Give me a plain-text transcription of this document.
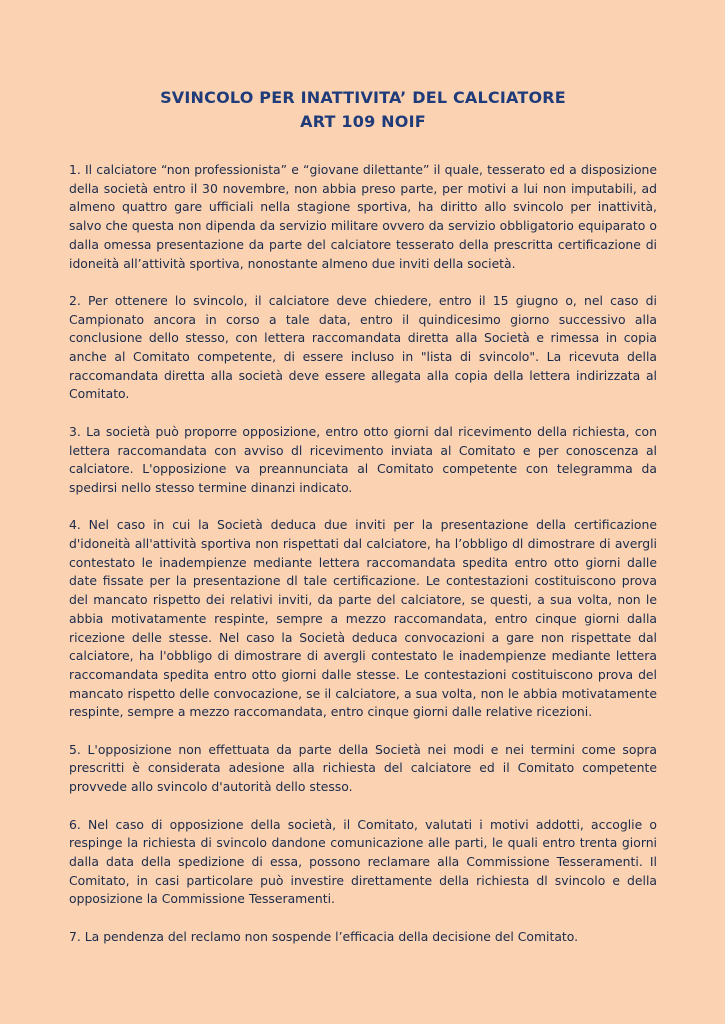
SVINCOLO PER INATTIVITA’ DEL CALCIATORE
ART 109 NOIF

1. Il calciatore “non professionista” e “giovane dilettante” il quale, tesserato ed a disposizione della società entro il 30 novembre, non abbia preso parte, per motivi a lui non imputabili, ad almeno quattro gare ufficiali nella stagione sportiva, ha diritto allo svincolo per inattività, salvo che questa non dipenda da servizio militare ovvero da servizio obbligatorio equiparato o dalla omessa presentazione da parte del calciatore tesserato della prescritta certificazione di idoneità all’attività sportiva, nonostante almeno due inviti della società.

2. Per ottenere lo svincolo, il calciatore deve chiedere, entro il 15 giugno o, nel caso di Campionato ancora in corso a tale data, entro il quindicesimo giorno successivo alla conclusione dello stesso, con lettera raccomandata diretta alla Società e rimessa in copia anche al Comitato competente, di essere incluso in "lista di svincolo". La ricevuta della raccomandata diretta alla società deve essere allegata alla copia della lettera indirizzata al Comitato.

3. La società può proporre opposizione, entro otto giorni dal ricevimento della richiesta, con lettera raccomandata con avviso dl ricevimento inviata al Comitato e per conoscenza al calciatore. L'opposizione va preannunciata al Comitato competente con telegramma da spedirsi nello stesso termine dinanzi indicato.

4. Nel caso in cui la Società deduca due inviti per la presentazione della certificazione d'idoneità all'attività sportiva non rispettati dal calciatore, ha l’obbligo dl dimostrare di avergli contestato le inadempienze mediante lettera raccomandata spedita entro otto giorni dalle date fissate per la presentazione dl tale certificazione. Le contestazioni costituiscono prova del mancato rispetto dei relativi inviti, da parte del calciatore, se questi, a sua volta, non le abbia motivatamente respinte, sempre a mezzo raccomandata, entro cinque giorni dalla ricezione delle stesse. Nel caso la Società deduca convocazioni a gare non rispettate dal calciatore, ha l'obbligo di dimostrare di avergli contestato le inadempienze mediante lettera raccomandata spedita entro otto giorni dalle stesse. Le contestazioni costituiscono prova del mancato rispetto delle convocazione, se il calciatore, a sua volta, non le abbia motivatamente respinte, sempre a mezzo raccomandata, entro cinque giorni dalle relative ricezioni.

5. L'opposizione non effettuata da parte della Società nei modi e nei termini come sopra prescritti è considerata adesione alla richiesta del calciatore ed il Comitato competente provvede allo svincolo d'autorità dello stesso.

6. Nel caso di opposizione della società, il Comitato, valutati i motivi addotti, accoglie o respinge la richiesta di svincolo dandone comunicazione alle parti, le quali entro trenta giorni dalla data della spedizione di essa, possono reclamare alla Commissione Tesseramenti. Il Comitato, in casi particolare può investire direttamente della richiesta dl svincolo e della opposizione la Commissione Tesseramenti.

7. La pendenza del reclamo non sospende l’efficacia della decisione del Comitato.
